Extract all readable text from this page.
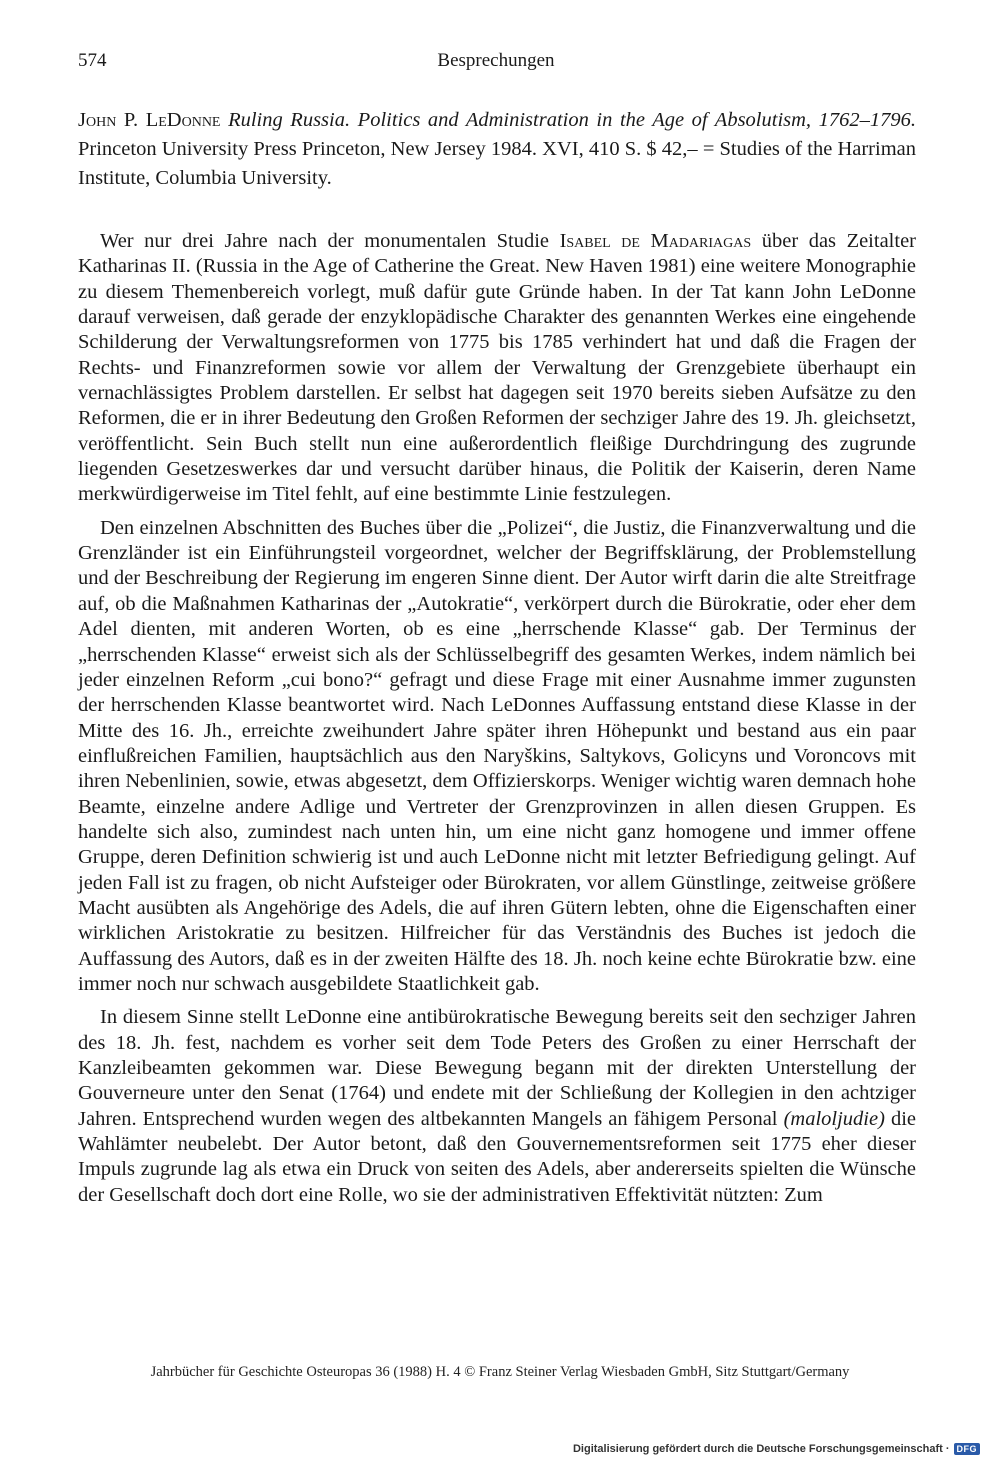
574	Besprechungen
John P. LeDonne Ruling Russia. Politics and Administration in the Age of Absolutism, 1762–1796. Princeton University Press Princeton, New Jersey 1984. XVI, 410 S. $ 42,– = Studies of the Harriman Institute, Columbia University.

Wer nur drei Jahre nach der monumentalen Studie Isabel de Madariagas über das Zeitalter Katharinas II. (Russia in the Age of Catherine the Great. New Haven 1981) eine weitere Monographie zu diesem Themenbereich vorlegt, muß dafür gute Gründe haben. In der Tat kann John LeDonne darauf verweisen, daß gerade der enzyklopädische Charakter des genannten Werkes eine eingehende Schilderung der Verwaltungsreformen von 1775 bis 1785 verhindert hat und daß die Fragen der Rechts- und Finanzreformen sowie vor allem der Verwaltung der Grenzgebiete überhaupt ein vernachlässigtes Problem darstellen. Er selbst hat dagegen seit 1970 bereits sieben Aufsätze zu den Reformen, die er in ihrer Bedeutung den Großen Reformen der sechziger Jahre des 19. Jh. gleichsetzt, veröffentlicht. Sein Buch stellt nun eine außerordentlich fleißige Durchdringung des zugrunde liegenden Gesetzeswerkes dar und versucht darüber hinaus, die Politik der Kaiserin, deren Name merkwürdigerweise im Titel fehlt, auf eine bestimmte Linie festzulegen.

Den einzelnen Abschnitten des Buches über die „Polizei“, die Justiz, die Finanzverwaltung und die Grenzländer ist ein Einführungsteil vorgeordnet, welcher der Begriffsklärung, der Problemstellung und der Beschreibung der Regierung im engeren Sinne dient. Der Autor wirft darin die alte Streitfrage auf, ob die Maßnahmen Katharinas der „Autokratie“, verkörpert durch die Bürokratie, oder eher dem Adel dienten, mit anderen Worten, ob es eine „herrschende Klasse“ gab. Der Terminus der „herrschenden Klasse“ erweist sich als der Schlüsselbegriff des gesamten Werkes, indem nämlich bei jeder einzelnen Reform „cui bono?“ gefragt und diese Frage mit einer Ausnahme immer zugunsten der herrschenden Klasse beantwortet wird. Nach LeDonnes Auffassung entstand diese Klasse in der Mitte des 16. Jh., erreichte zweihundert Jahre später ihren Höhepunkt und bestand aus ein paar einflußreichen Familien, hauptsächlich aus den Naryškins, Saltykovs, Golicyns und Voroncovs mit ihren Nebenlinien, sowie, etwas abgesetzt, dem Offizierskorps. Weniger wichtig waren demnach hohe Beamte, einzelne andere Adlige und Vertreter der Grenzprovinzen in allen diesen Gruppen. Es handelte sich also, zumindest nach unten hin, um eine nicht ganz homogene und immer offene Gruppe, deren Definition schwierig ist und auch LeDonne nicht mit letzter Befriedigung gelingt. Auf jeden Fall ist zu fragen, ob nicht Aufsteiger oder Bürokraten, vor allem Günstlinge, zeitweise größere Macht ausübten als Angehörige des Adels, die auf ihren Gütern lebten, ohne die Eigenschaften einer wirklichen Aristokratie zu besitzen. Hilfreicher für das Verständnis des Buches ist jedoch die Auffassung des Autors, daß es in der zweiten Hälfte des 18. Jh. noch keine echte Bürokratie bzw. eine immer noch nur schwach ausgebildete Staatlichkeit gab.

In diesem Sinne stellt LeDonne eine antibürokratische Bewegung bereits seit den sechziger Jahren des 18. Jh. fest, nachdem es vorher seit dem Tode Peters des Großen zu einer Herrschaft der Kanzleibeamten gekommen war. Diese Bewegung begann mit der direkten Unterstellung der Gouverneure unter den Senat (1764) und endete mit der Schließung der Kollegien in den achtziger Jahren. Entsprechend wurden wegen des altbekannten Mangels an fähigem Personal (maloljudie) die Wahlämter neubelebt. Der Autor betont, daß den Gouvernementsreformen seit 1775 eher dieser Impuls zugrunde lag als etwa ein Druck von seiten des Adels, aber andererseits spielten die Wünsche der Gesellschaft doch dort eine Rolle, wo sie der administrativen Effektivität nützten: Zum

Jahrbücher für Geschichte Osteuropas 36 (1988) H. 4 © Franz Steiner Verlag Wiesbaden GmbH, Sitz Stuttgart/Germany
Digitalisierung gefördert durch die Deutsche Forschungsgemeinschaft · DFG
